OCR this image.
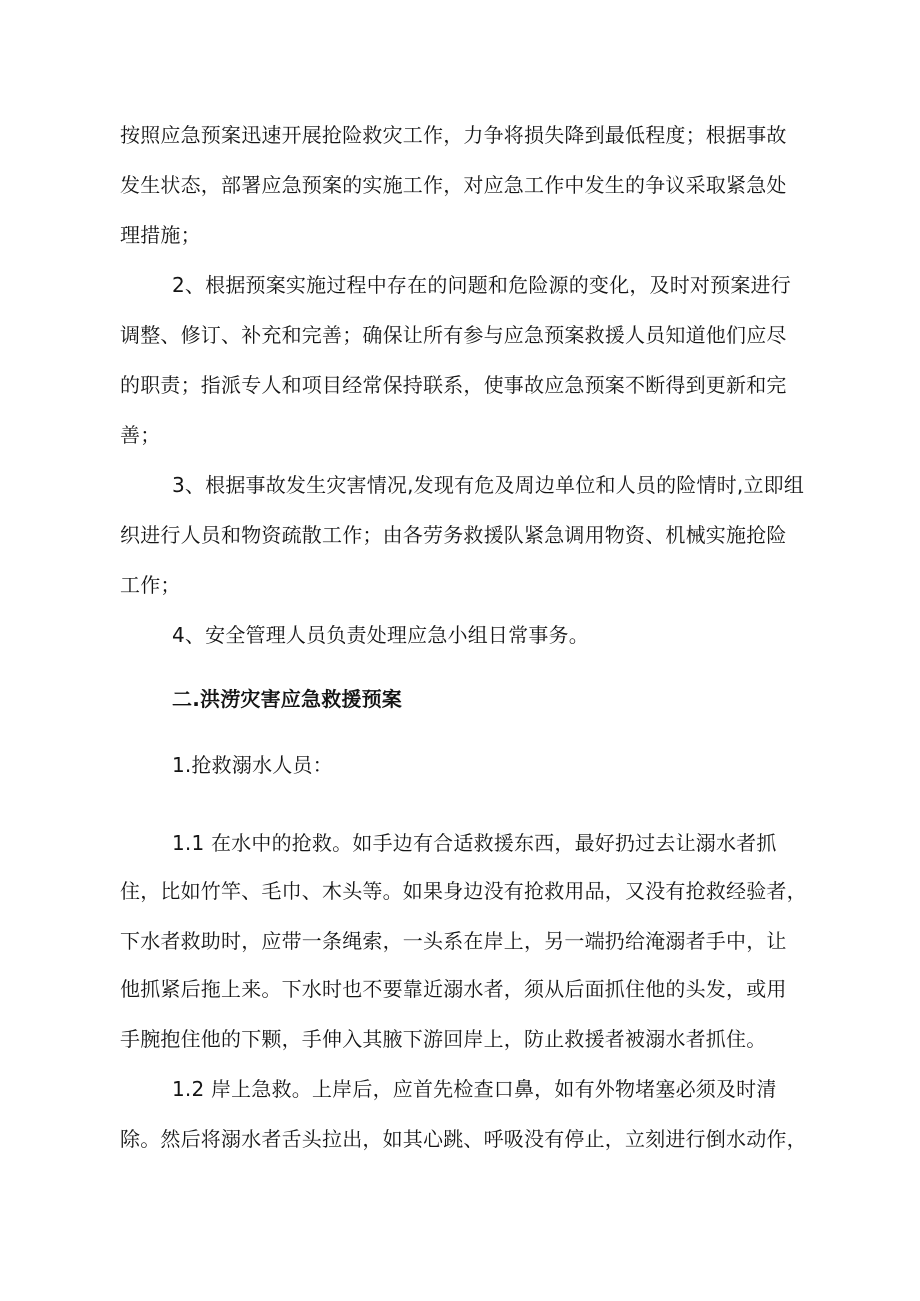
按照应急预案迅速开展抢险救灾工作，力争将损失降到最低程度；根据事故
发生状态，部署应急预案的实施工作，对应急工作中发生的争议采取紧急处
理措施；
2、根据预案实施过程中存在的问题和危险源的变化，及时对预案进行
调整、修订、补充和完善；确保让所有参与应急预案救援人员知道他们应尽
的职责；指派专人和项目经常保持联系，使事故应急预案不断得到更新和完
善；
3、根据事故发生灾害情况,发现有危及周边单位和人员的险情时,立即组
织进行人员和物资疏散工作；由各劳务救援队紧急调用物资、机械实施抢险
工作；
4、安全管理人员负责处理应急小组日常事务。
二.洪涝灾害应急救援预案
1.抢救溺水人员：
1.1 在水中的抢救。如手边有合适救援东西，最好扔过去让溺水者抓
住，比如竹竿、毛巾、木头等。如果身边没有抢救用品，又没有抢救经验者，
下水者救助时，应带一条绳索，一头系在岸上，另一端扔给淹溺者手中，让
他抓紧后拖上来。下水时也不要靠近溺水者，须从后面抓住他的头发，或用
手腕抱住他的下颗，手伸入其腋下游回岸上，防止救援者被溺水者抓住。
1.2 岸上急救。上岸后，应首先检查口鼻，如有外物堵塞必须及时清
除。然后将溺水者舌头拉出，如其心跳、呼吸没有停止，立刻进行倒水动作，
